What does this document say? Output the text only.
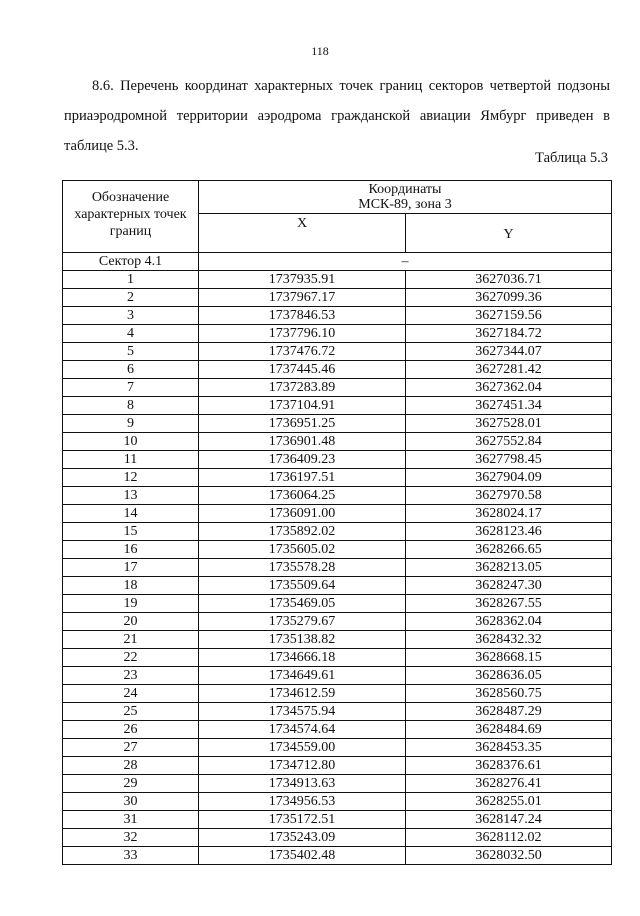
118
8.6. Перечень координат характерных точек границ секторов четвертой подзоны приаэродромной территории аэродрома гражданской авиации Ямбург приведен в таблице 5.3.
Таблица 5.3
Обозначение характерных точек границ	Координаты
МСК-89, зона 3	
	X	Y
Сектор 4.1	–	
1	1737935.91	3627036.71
2	1737967.17	3627099.36
3	1737846.53	3627159.56
4	1737796.10	3627184.72
5	1737476.72	3627344.07
6	1737445.46	3627281.42
7	1737283.89	3627362.04
8	1737104.91	3627451.34
9	1736951.25	3627528.01
10	1736901.48	3627552.84
11	1736409.23	3627798.45
12	1736197.51	3627904.09
13	1736064.25	3627970.58
14	1736091.00	3628024.17
15	1735892.02	3628123.46
16	1735605.02	3628266.65
17	1735578.28	3628213.05
18	1735509.64	3628247.30
19	1735469.05	3628267.55
20	1735279.67	3628362.04
21	1735138.82	3628432.32
22	1734666.18	3628668.15
23	1734649.61	3628636.05
24	1734612.59	3628560.75
25	1734575.94	3628487.29
26	1734574.64	3628484.69
27	1734559.00	3628453.35
28	1734712.80	3628376.61
29	1734913.63	3628276.41
30	1734956.53	3628255.01
31	1735172.51	3628147.24
32	1735243.09	3628112.02
33	1735402.48	3628032.50
